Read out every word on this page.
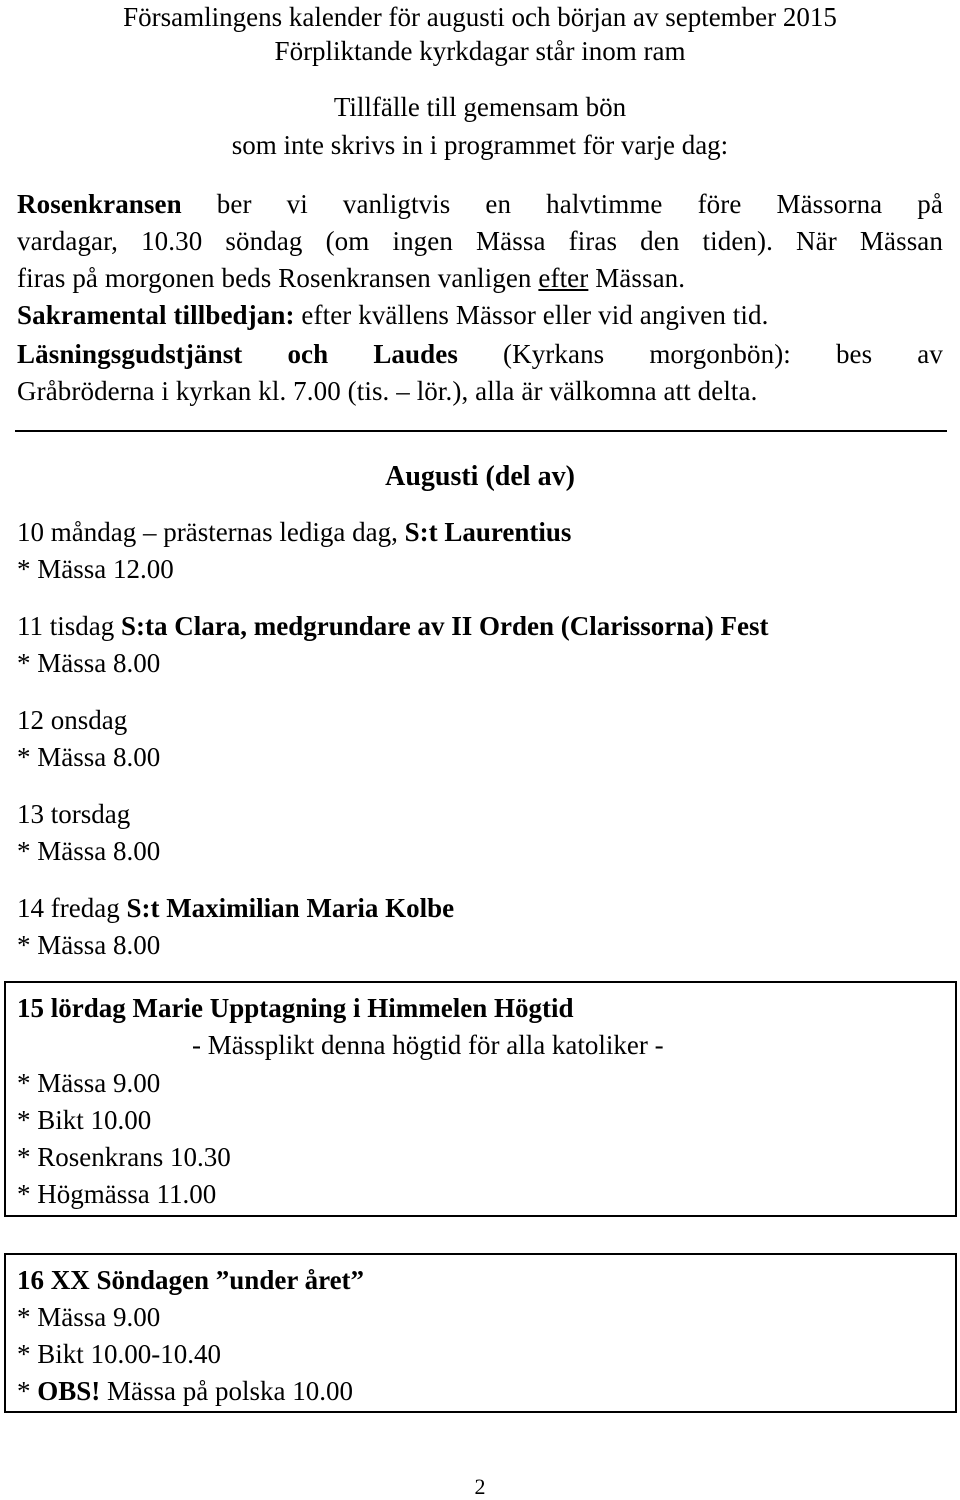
Församlingens kalender för augusti och början av september 2015
Förpliktande kyrkdagar står inom ram
Tillfälle till gemensam bön
som inte skrivs in i programmet för varje dag:
Rosenkransen ber vi vanligtvis en halvtimme före Mässorna på
vardagar, 10.30 söndag (om ingen Mässa firas den tiden). När Mässan
firas på morgonen beds Rosenkransen vanligen efter Mässan.
Sakramental tillbedjan: efter kvällens Mässor eller vid angiven tid.
Läsningsgudstjänst och Laudes (Kyrkans morgonbön): bes av
Gråbröderna i kyrkan kl. 7.00 (tis. – lör.), alla är välkomna att delta.
Augusti (del av)
10 måndag – prästernas lediga dag, S:t Laurentius
* Mässa 12.00
11 tisdag S:ta Clara, medgrundare av II Orden (Clarissorna) Fest
* Mässa 8.00
12 onsdag
* Mässa 8.00
13 torsdag
* Mässa 8.00
14 fredag S:t Maximilian Maria Kolbe
* Mässa 8.00
15 lördag Marie Upptagning i Himmelen Högtid
- Mässplikt denna högtid för alla katoliker -
* Mässa 9.00
* Bikt 10.00
* Rosenkrans 10.30
* Högmässa 11.00
16 XX Söndagen ”under året”
* Mässa 9.00
* Bikt 10.00-10.40
* OBS! Mässa på polska 10.00
2
